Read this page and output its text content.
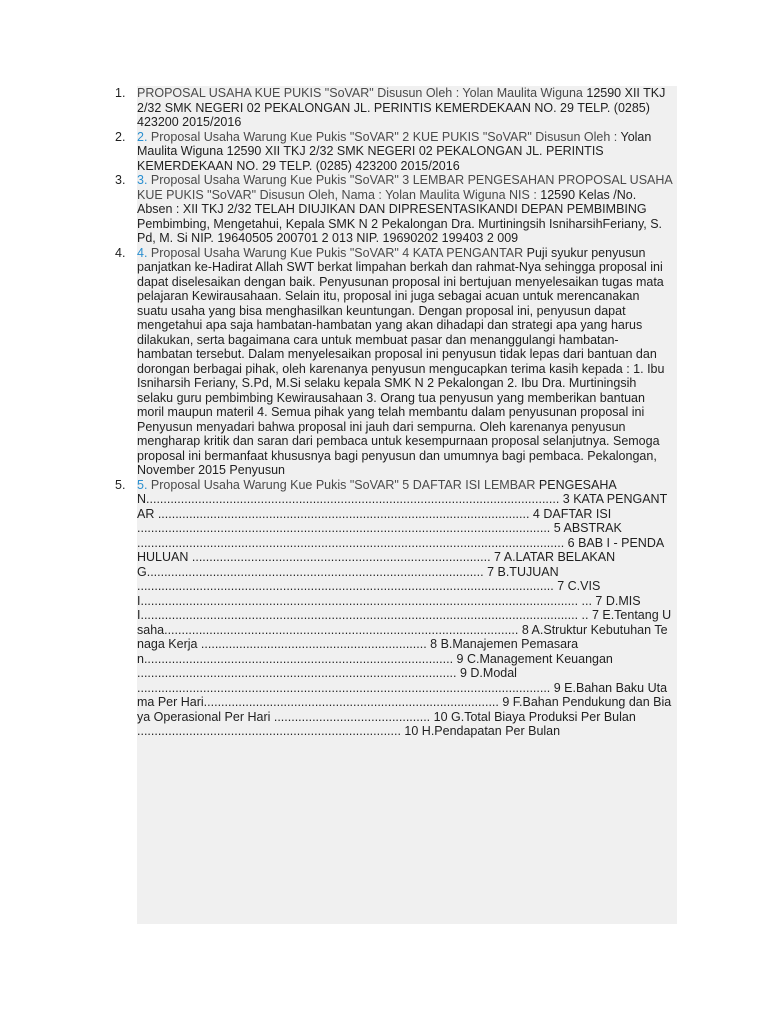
1. PROPOSAL USAHA KUE PUKIS "SoVAR" Disusun Oleh : Yolan Maulita Wiguna 12590 XII TKJ 2/32 SMK NEGERI 02 PEKALONGAN JL. PERINTIS KEMERDEKAAN NO. 29 TELP. (0285) 423200 2015/2016
2. 2. Proposal Usaha Warung Kue Pukis "SoVAR" 2 KUE PUKIS "SoVAR" Disusun Oleh : Yolan Maulita Wiguna 12590 XII TKJ 2/32 SMK NEGERI 02 PEKALONGAN JL. PERINTIS KEMERDEKAAN NO. 29 TELP. (0285) 423200 2015/2016
3. 3. Proposal Usaha Warung Kue Pukis "SoVAR" 3 LEMBAR PENGESAHAN PROPOSAL USAHA KUE PUKIS "SoVAR" Disusun Oleh, Nama : Yolan Maulita Wiguna NIS : 12590 Kelas /No. Absen : XII TKJ 2/32 TELAH DIUJIKAN DAN DIPRESENTASIKANDI DEPAN PEMBIMBING Pembimbing, Mengetahui, Kepala SMK N 2 Pekalongan Dra. Murtiningsih IsniharsihFeriany, S. Pd, M. Si NIP. 19640505 200701 2 013 NIP. 19690202 199403 2 009
4. 4. Proposal Usaha Warung Kue Pukis "SoVAR" 4 KATA PENGANTAR Puji syukur penyusun panjatkan ke-Hadirat Allah SWT berkat limpahan berkah dan rahmat-Nya sehingga proposal ini dapat diselesaikan dengan baik. Penyusunan proposal ini bertujuan menyelesaikan tugas mata pelajaran Kewirausahaan. Selain itu, proposal ini juga sebagai acuan untuk merencanakan suatu usaha yang bisa menghasilkan keuntungan. Dengan proposal ini, penyusun dapat mengetahui apa saja hambatan-hambatan yang akan dihadapi dan strategi apa yang harus dilakukan, serta bagaimana cara untuk membuat pasar dan menanggulangi hambatan-hambatan tersebut. Dalam menyelesaikan proposal ini penyusun tidak lepas dari bantuan dan dorongan berbagai pihak, oleh karenanya penyusun mengucapkan terima kasih kepada : 1. Ibu Isniharsih Feriany, S.Pd, M.Si selaku kepala SMK N 2 Pekalongan 2. Ibu Dra. Murtiningsih selaku guru pembimbing Kewirausahaan 3. Orang tua penyusun yang memberikan bantuan moril maupun materil 4. Semua pihak yang telah membantu dalam penyusunan proposal ini Penyusun menyadari bahwa proposal ini jauh dari sempurna. Oleh karenanya penyusun mengharap kritik dan saran dari pembaca untuk kesempurnaan proposal selanjutnya. Semoga proposal ini bermanfaat khususnya bagi penyusun dan umumnya bagi pembaca. Pekalongan, November 2015 Penyusun
5. 5. Proposal Usaha Warung Kue Pukis "SoVAR" 5 DAFTAR ISI LEMBAR PENGESAHAN....................................................................................................................... 3 KATA PENGANTAR ........................................................................................................... 4 DAFTAR ISI ....................................................................................................................... 5 ABSTRAK ........................................................................................................................... 6 BAB I - PENDAHULUAN ...................................................................................... 7 A.LATAR BELAKANG................................................................................................. 7 B.TUJUAN ........................................................................................................................ 7 C.VISI.............................................................................................................................. ... 7 D.MISI.............................................................................................................................. .. 7 E.Tentang Usaha...................................................................................................... 8 A.Struktur Kebutuhan Tenaga Kerja ................................................................. 8 B.Manajemen Pemasaran......................................................................................... 9 C.Management Keuangan ............................................................................................ 9 D.Modal ....................................................................................................................... 9 E.Bahan Baku Utama Per Hari..................................................................................... 9 F.Bahan Pendukung dan Biaya Operasional Per Hari ............................................. 10 G.Total Biaya Produksi Per Bulan ............................................................................ 10 H.Pendapatan Per Bulan
